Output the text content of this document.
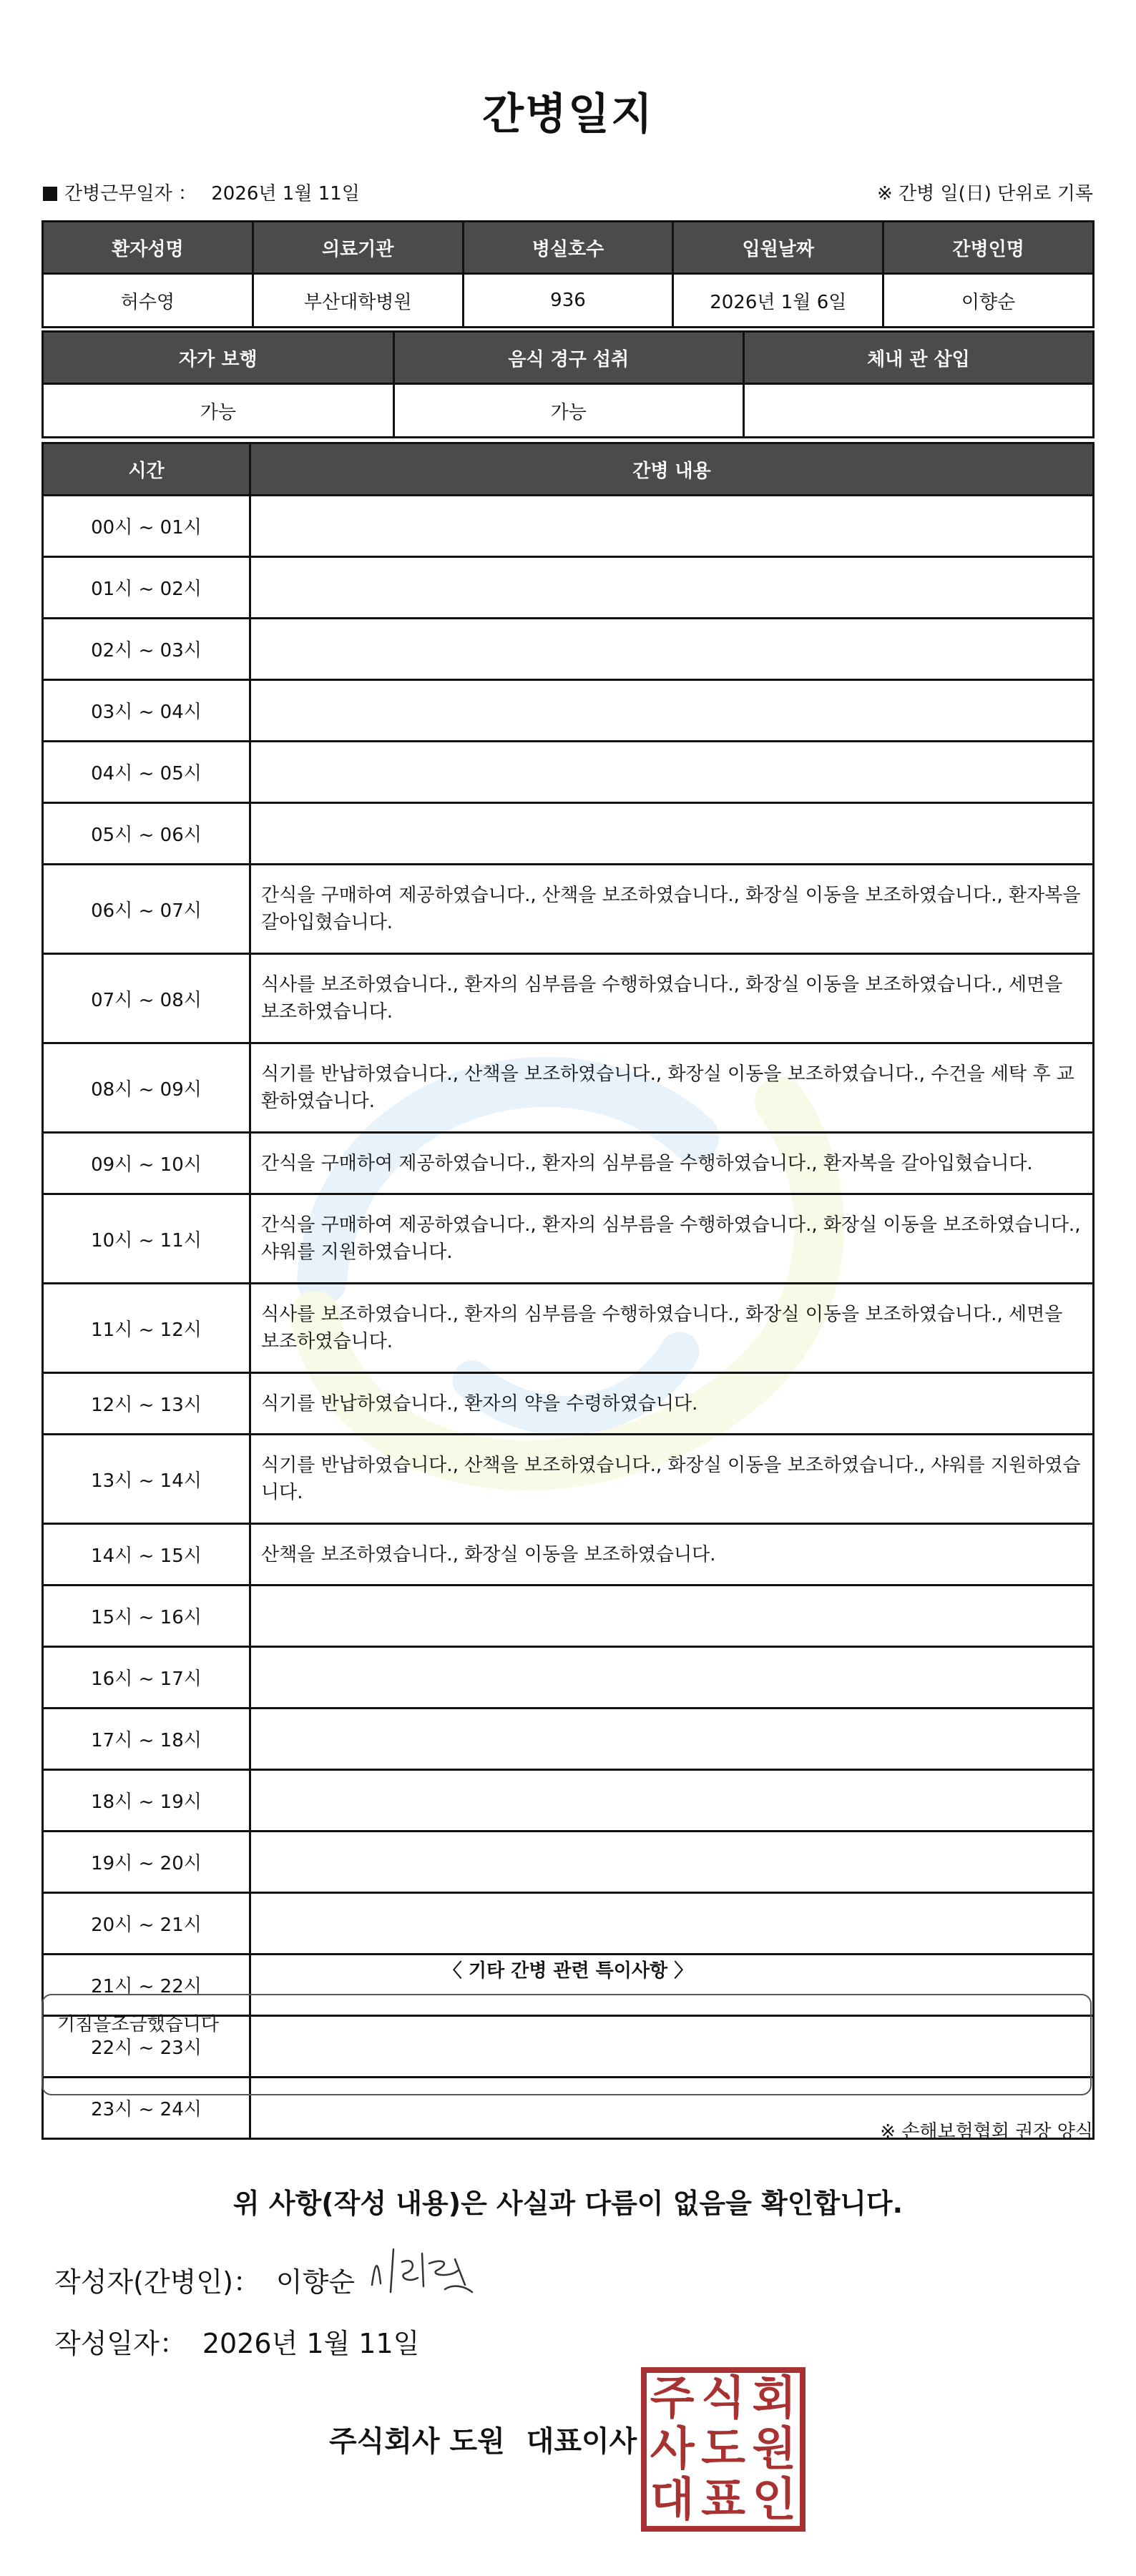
간병일지
간병근무일자 ： 2026년 1월 11일	※ 간병 일(日) 단위로 기록
환자성명	의료기관	병실호수	입원날짜	간병인명
허수영	부산대학병원	936	2026년 1월 6일	이향순
자가 보행	음식 경구 섭취	체내 관 삽입
가능	가능	
시간	간병 내용
00시 ~ 01시	
01시 ~ 02시	
02시 ~ 03시	
03시 ~ 04시	
04시 ~ 05시	
05시 ~ 06시	
06시 ~ 07시	간식을 구매하여 제공하였습니다., 산책을 보조하였습니다., 화장실 이동을 보조하였습니다., 환자복을 갈아입혔습니다.
07시 ~ 08시	식사를 보조하였습니다., 환자의 심부름을 수행하였습니다., 화장실 이동을 보조하였습니다., 세면을 보조하였습니다.
08시 ~ 09시	식기를 반납하였습니다., 산책을 보조하였습니다., 화장실 이동을 보조하였습니다., 수건을 세탁 후 교환하였습니다.
09시 ~ 10시	간식을 구매하여 제공하였습니다., 환자의 심부름을 수행하였습니다., 환자복을 갈아입혔습니다.
10시 ~ 11시	간식을 구매하여 제공하였습니다., 환자의 심부름을 수행하였습니다., 화장실 이동을 보조하였습니다., 샤워를 지원하였습니다.
11시 ~ 12시	식사를 보조하였습니다., 환자의 심부름을 수행하였습니다., 화장실 이동을 보조하였습니다., 세면을 보조하였습니다.
12시 ~ 13시	식기를 반납하였습니다., 환자의 약을 수령하였습니다.
13시 ~ 14시	식기를 반납하였습니다., 산책을 보조하였습니다., 화장실 이동을 보조하였습니다., 샤워를 지원하였습니다.
14시 ~ 15시	산책을 보조하였습니다., 화장실 이동을 보조하였습니다.
15시 ~ 16시	
16시 ~ 17시	
17시 ~ 18시	
18시 ~ 19시	
19시 ~ 20시	
20시 ~ 21시	
21시 ~ 22시	
22시 ~ 23시	
23시 ~ 24시	
〈 기타 간병 관련 특이사항 〉
기침을조금했습니다
※ 손해보험협회 권장 양식
위 사항(작성 내용)은 사실과 다름이 없음을 확인합니다.
작성자(간병인)： 이향순
작성일자： 2026년 1월 11일
주식회사 도원 대표이사
주 식 회
사 도 원
대 표 인
